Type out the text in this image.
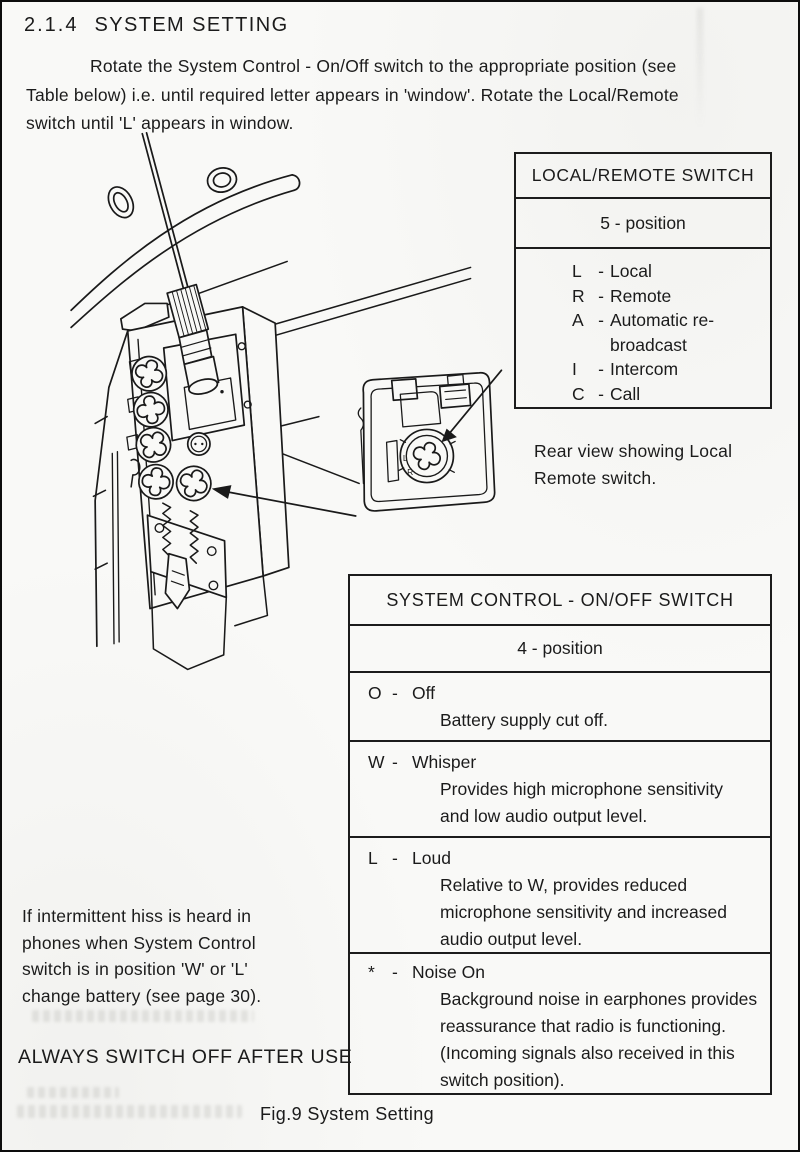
2.1.4 SYSTEM SETTING
Rotate the System Control - On/Off switch to the appropriate position (see
Table below) i.e. until required letter appears in 'window'. Rotate the Local/Remote
switch until 'L' appears in window.
L
R
LOCAL/REMOTE SWITCH
5 - position
L - Local
R - Remote
A - Automatic re-
broadcast
I	- Intercom
C - Call
Rear view showing Local
Remote switch.
SYSTEM CONTROL - ON/OFF SWITCH
4 - position
O - Off
Battery supply cut off.
W - Whisper
Provides high microphone sensitivity
and low audio output level.
L - Loud
Relative to W, provides reduced
microphone sensitivity and increased
audio output level.
* - Noise On
Background noise in earphones provides
reassurance that radio is functioning.
(Incoming signals also received in this
switch position).
If intermittent hiss is heard in
phones when System Control
switch is in position 'W' or 'L'
change battery (see page 30).
ALWAYS SWITCH OFF AFTER USE
Fig.9 System Setting
